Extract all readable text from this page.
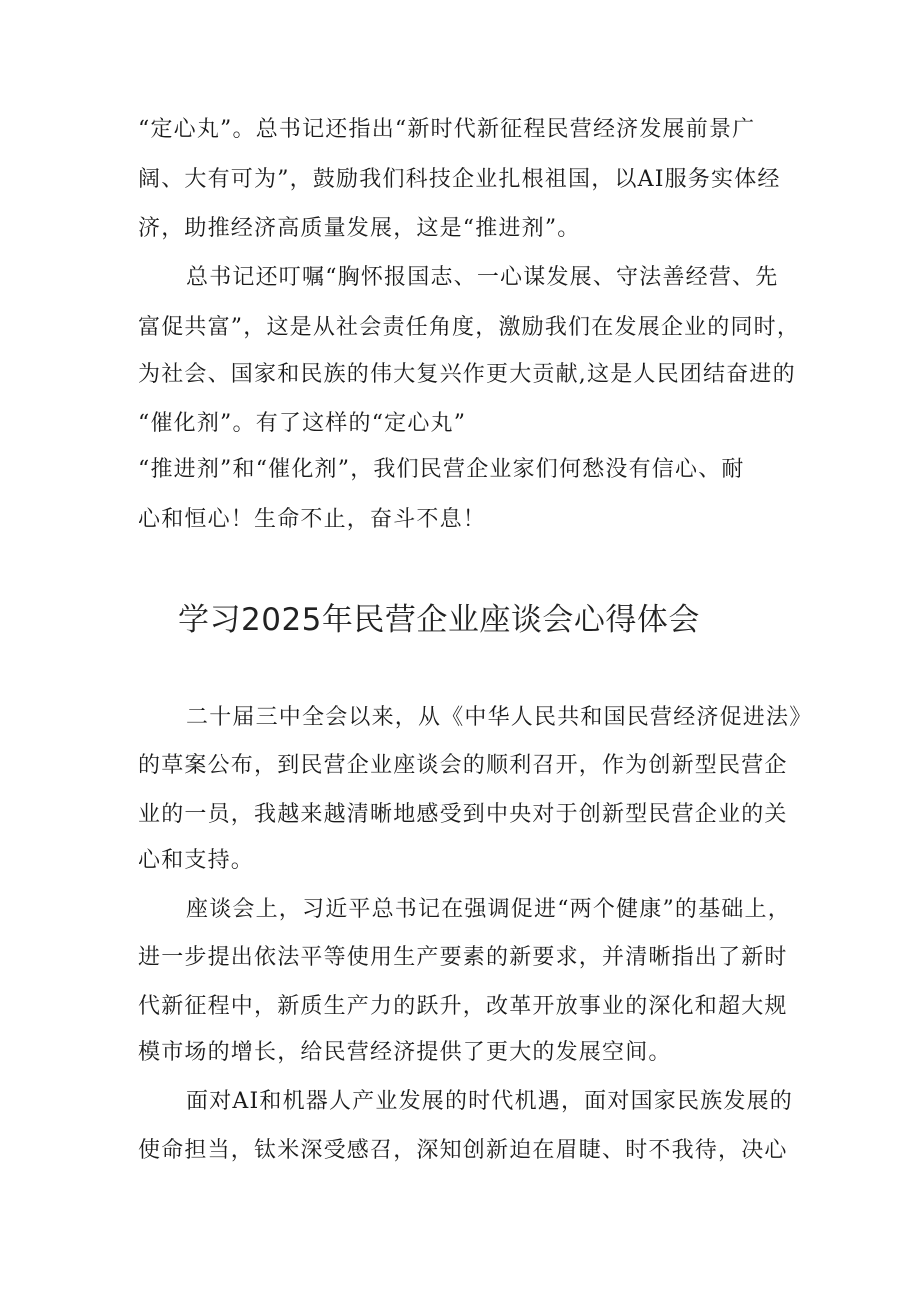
“定心丸”。总书记还指出“新时代新征程民营经济发展前景广
阔、大有可为”，鼓励我们科技企业扎根祖国，以AI服务实体经
济，助推经济高质量发展，这是“推进剂”。
总书记还叮嘱“胸怀报国志、一心谋发展、守法善经营、先
富促共富”，这是从社会责任角度，激励我们在发展企业的同时，
为社会、国家和民族的伟大复兴作更大贡献,这是人民团结奋进的
“催化剂”。有了这样的“定心丸”
“推进剂”和“催化剂”，我们民营企业家们何愁没有信心、耐
心和恒心！生命不止，奋斗不息！
学习2025年民营企业座谈会心得体会
二十届三中全会以来，从《中华人民共和国民营经济促进法》
的草案公布，到民营企业座谈会的顺利召开，作为创新型民营企
业的一员，我越来越清晰地感受到中央对于创新型民营企业的关
心和支持。
座谈会上，习近平总书记在强调促进“两个健康”的基础上，
进一步提出依法平等使用生产要素的新要求，并清晰指出了新时
代新征程中，新质生产力的跃升，改革开放事业的深化和超大规
模市场的增长，给民营经济提供了更大的发展空间。
面对AI和机器人产业发展的时代机遇，面对国家民族发展的
使命担当，钛米深受感召，深知创新迫在眉睫、时不我待，决心
